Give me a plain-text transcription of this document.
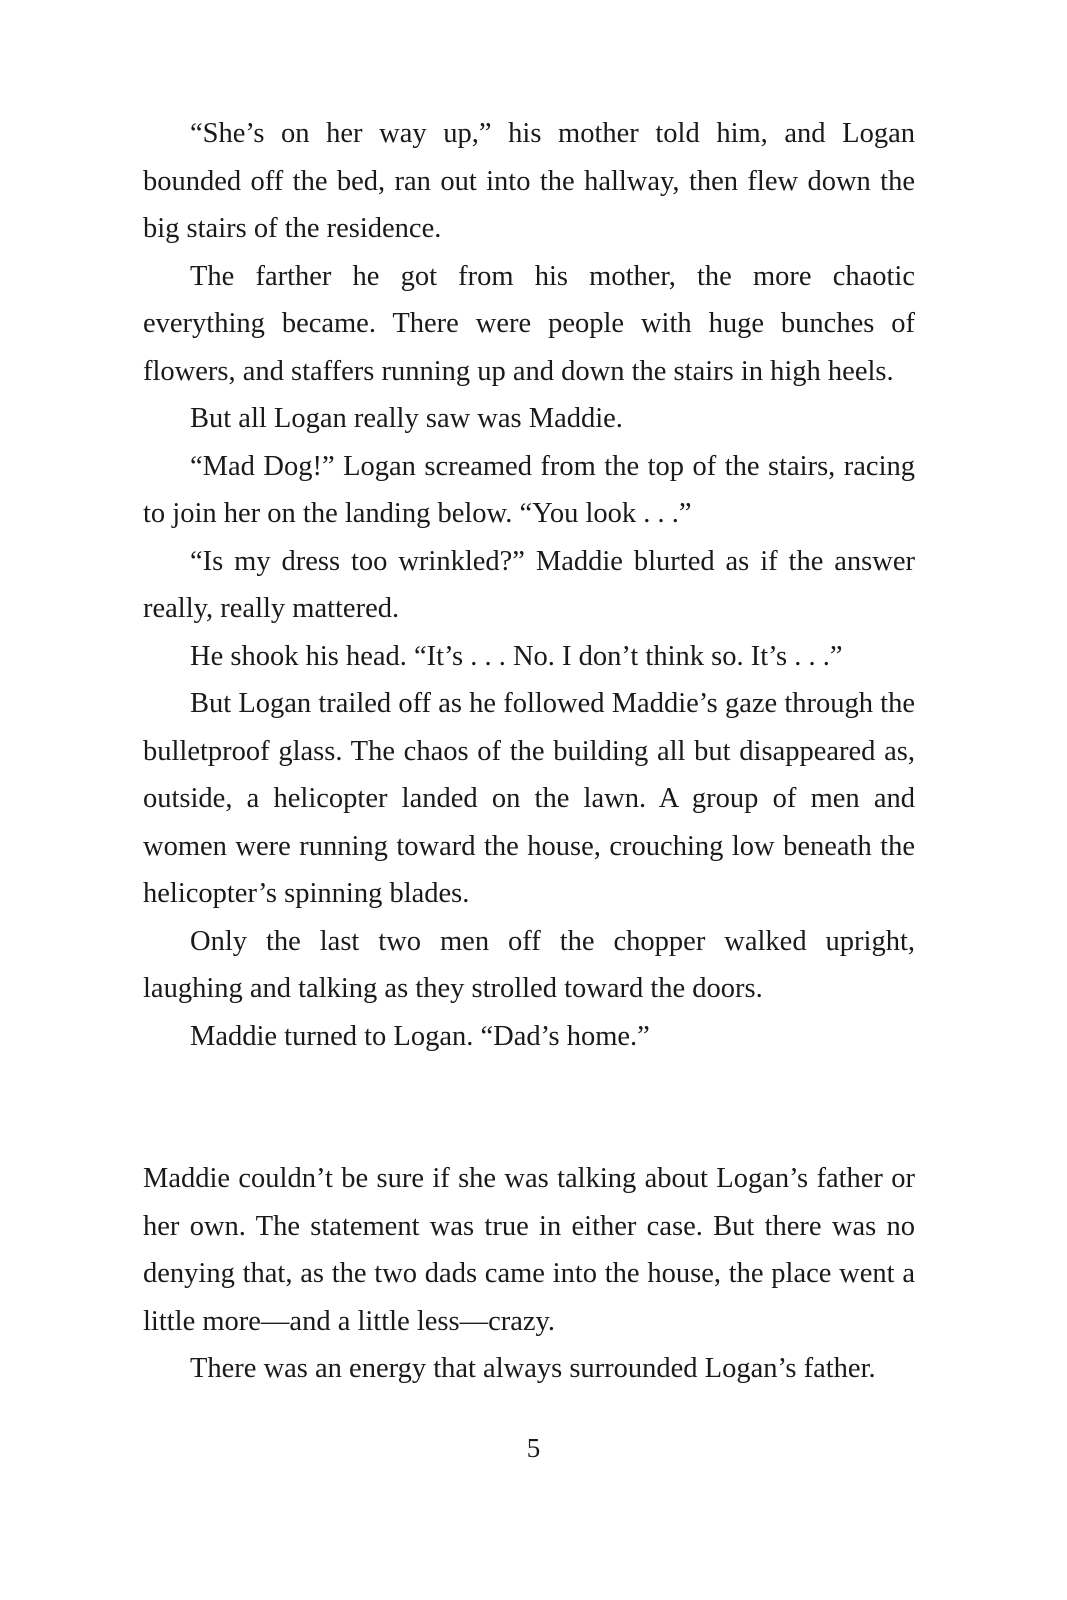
“She’s on her way up,” his mother told him, and Logan bounded off the bed, ran out into the hallway, then flew down the big stairs of the residence.

The farther he got from his mother, the more chaotic everything became. There were people with huge bunches of flowers, and staffers running up and down the stairs in high heels.

But all Logan really saw was Maddie.

“Mad Dog!” Logan screamed from the top of the stairs, racing to join her on the landing below. “You look . . .”

“Is my dress too wrinkled?” Maddie blurted as if the answer really, really mattered.

He shook his head. “It’s . . . No. I don’t think so. It’s . . .”

But Logan trailed off as he followed Maddie’s gaze through the bulletproof glass. The chaos of the building all but disappeared as, outside, a helicopter landed on the lawn. A group of men and women were running toward the house, crouching low beneath the helicopter’s spinning blades.

Only the last two men off the chopper walked upright, laughing and talking as they strolled toward the doors.

Maddie turned to Logan. “Dad’s home.”

Maddie couldn’t be sure if she was talking about Logan’s father or her own. The statement was true in either case. But there was no denying that, as the two dads came into the house, the place went a little more—and a little less—crazy.

There was an energy that always surrounded Logan’s father.

5
